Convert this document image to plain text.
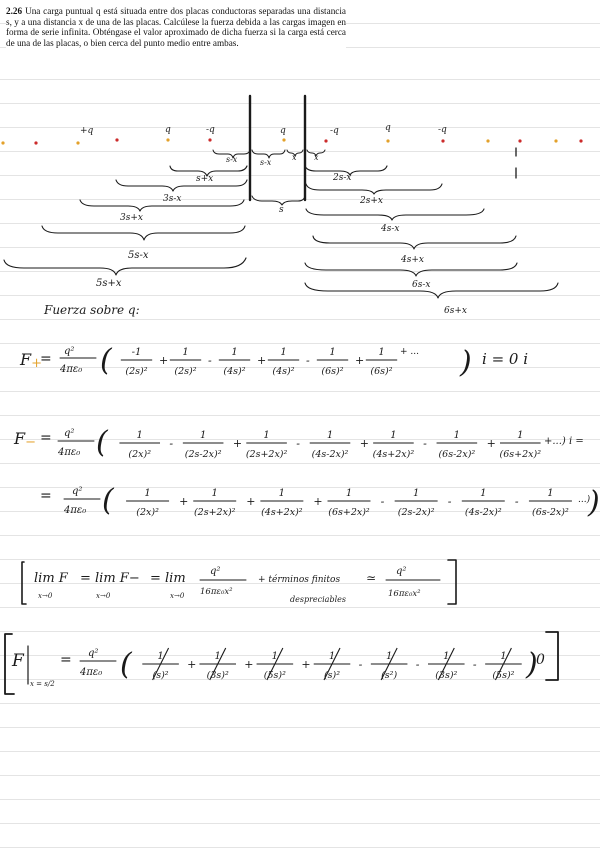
2.26 Una carga puntual q está situada entre dos placas conductoras separadas una distancia s, y a una distancia x de una de las placas. Calcúlese la fuerza debida a las cargas imagen en forma de serie infinita. Obténgase el valor aproximado de dicha fuerza si la carga está cerca de una de las placas, o bien cerca del punto medio entre ambas.
+q	q	-q	q	-q	q	-q
s-x	s-x
x x
s+x
3s-x
3s+x
5s-x
5s+x
s
2s-x
2s+x
4s-x
4s+x
6s-x
6s+x
Fuerza sobre q:
F+
= q²
4πε₀ ( -1
(2s)²
+
1
(2s)²
-
1
(4s)²
+
1
(4s)²
-
1
(6s)²
+
1
(6s)² )
+ ...	i = 0 i
F− = q²
4πε₀ (	1
(2x)²
-
1
(2s-2x)²
+
1
(2s+2x)²
-
1
(4s-2x)²
+
1
(4s+2x)²
-
1
(6s-2x)²
+
1
(6s+2x)²
+...) i =
= q²
4πε₀ (	1
(2x)²
+
1
(2s+2x)²
+
1
(4s+2x)²
+
1
(6s+2x)²
-
1
(2s-2x)²
-
1
(4s-2x)²
-
1
(6s-2x)²
...)
)
lim F
x→0
= lim F−
x→0
= lim
x→0
q²
16πε₀x²
+ términos finitos
despreciables
≃ q²
16πε₀x²
F
x = s/2
= q²
4πε₀ (	1
(s)²
+
1
(3s)²
+
1
(5s)²
+
1
(s)²
-
1
(s²)
-
1
(3s)²
-
1
(5s)² )
0
